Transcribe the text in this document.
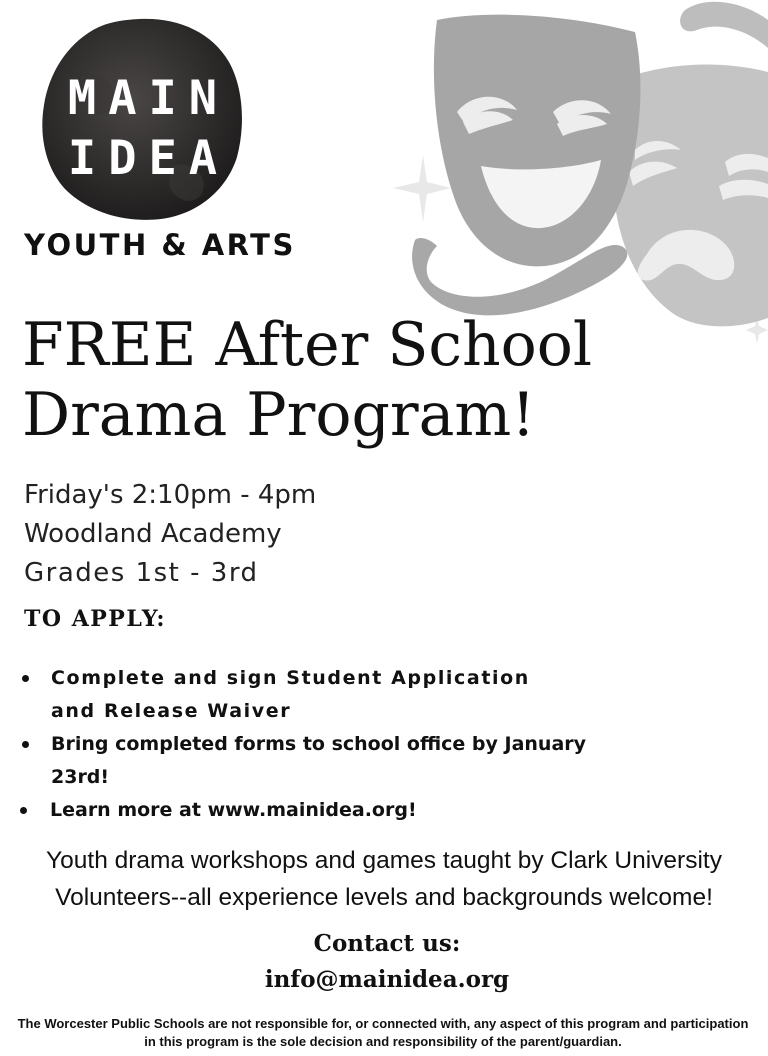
MAIN
IDEA
YOUTH & ARTS
FREE After School
Drama Program!
Friday's 2:10pm - 4pm
Woodland Academy
Grades 1st - 3rd
TO APPLY:
Complete and sign Student Application and Release Waiver
Bring completed forms to school office by January 23rd!
Learn more at www.mainidea.org!

Youth drama workshops and games taught by Clark University
Volunteers--all experience levels and backgrounds welcome!

Contact us:

info@mainidea.org

The Worcester Public Schools are not responsible for, or connected with, any aspect of this program and participation
in this program is the sole decision and responsibility of the parent/guardian.
